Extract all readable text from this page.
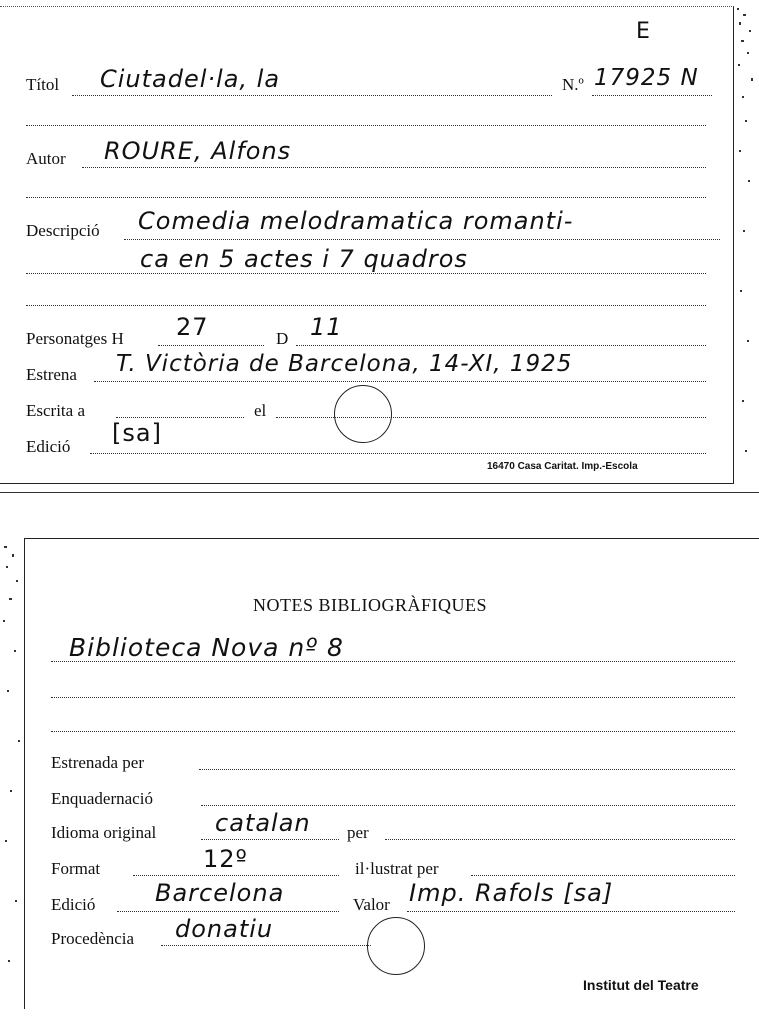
E
Títol Ciutadel·la, la	N.º 17925 N
Autor ROURE, Alfons
Descripció Comedia melodramatica romanti-
ca en 5 actes i 7 quadros
Personatges H 27	D 11
Estrena T. Victòria de Barcelona, 14-XI, 1925
Escrita a	el
Edició [sa]
16470 Casa Caritat. Imp.-Escola
NOTES BIBLIOGRÀFIQUES
Biblioteca Nova nº 8
Estrenada per
Enquadernació
Idioma original catalan per
Format	12º	il·lustrat per
Edició Barcelona	Valor Imp. Rafols [sa]
Procedència donatiu
Institut del Teatre
